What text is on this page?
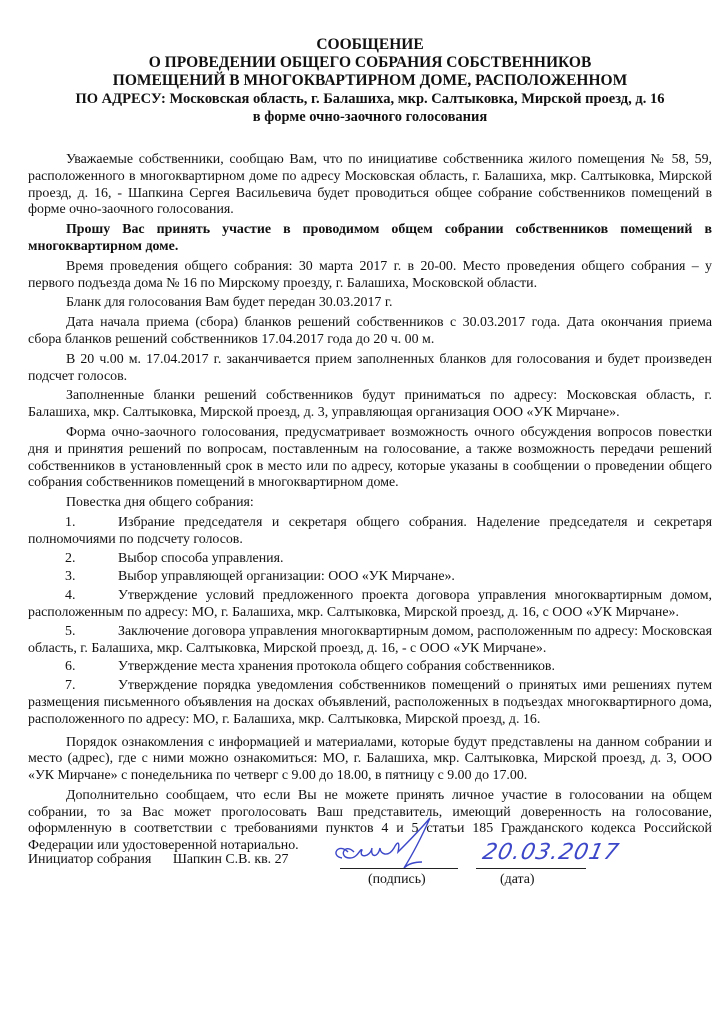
СООБЩЕНИЕ
О ПРОВЕДЕНИИ ОБЩЕГО СОБРАНИЯ СОБСТВЕННИКОВ
ПОМЕЩЕНИЙ В МНОГОКВАРТИРНОМ ДОМЕ, РАСПОЛОЖЕННОМ
ПО АДРЕСУ: Московская область, г. Балашиха, мкр. Салтыковка, Мирской проезд, д. 16
в форме очно-заочного голосования

Уважаемые собственники, сообщаю Вам, что по инициативе собственника жилого помещения № 58, 59, расположенного в многоквартирном доме по адресу Московская область, г. Балашиха, мкр. Салтыковка, Мирской проезд, д. 16, - Шапкина Сергея Васильевича будет проводиться общее собрание собственников помещений в форме очно-заочного голосования.

Прошу Вас принять участие в проводимом общем собрании собственников помещений в многоквартирном доме.

Время проведения общего собрания: 30 марта 2017 г. в 20-00. Место проведения общего собрания – у первого подъезда дома № 16 по Мирскому проезду, г. Балашиха, Московской области.

Бланк для голосования Вам будет передан 30.03.2017 г.

Дата начала приема (сбора) бланков решений собственников с 30.03.2017 года. Дата окончания приема сбора бланков решений собственников 17.04.2017 года до 20 ч. 00 м.

В 20 ч.00 м. 17.04.2017 г. заканчивается прием заполненных бланков для голосования и будет произведен подсчет голосов.

Заполненные бланки решений собственников будут приниматься по адресу: Московская область, г. Балашиха, мкр. Салтыковка, Мирской проезд, д. 3, управляющая организация ООО «УК Мирчане».

Форма очно-заочного голосования, предусматривает возможность очного обсуждения вопросов повестки дня и принятия решений по вопросам, поставленным на голосование, а также возможность передачи решений собственников в установленный срок в место или по адресу, которые указаны в сообщении о проведении общего собрания собственников помещений в многоквартирном доме.

Повестка дня общего собрания:

1.	Избрание председателя и секретаря общего собрания. Наделение председателя и секретаря полномочиями по подсчету голосов.
2.	Выбор способа управления.
3.	Выбор управляющей организации: ООО «УК Мирчане».
4.	Утверждение условий предложенного проекта договора управления многоквартирным домом, расположенным по адресу: МО, г. Балашиха, мкр. Салтыковка, Мирской проезд, д. 16, с ООО «УК Мирчане».
5.	Заключение договора управления многоквартирным домом, расположенным по адресу: Московская область, г. Балашиха, мкр. Салтыковка, Мирской проезд, д. 16, - с ООО «УК Мирчане».
6.	Утверждение места хранения протокола общего собрания собственников.
7.	Утверждение порядка уведомления собственников помещений о принятых ими решениях путем размещения письменного объявления на досках объявлений, расположенных в подъездах многоквартирного дома, расположенного по адресу: МО, г. Балашиха, мкр. Салтыковка, Мирской проезд, д. 16.

Порядок ознакомления с информацией и материалами, которые будут представлены на данном собрании и место (адрес), где с ними можно ознакомиться: МО, г. Балашиха, мкр. Салтыковка, Мирской проезд, д. 3, ООО «УК Мирчане» с понедельника по четверг с 9.00 до 18.00, в пятницу с 9.00 до 17.00.

Дополнительно сообщаем, что если Вы не можете принять личное участие в голосовании на общем собрании, то за Вас может проголосовать Ваш представитель, имеющий доверенность на голосование, оформленную в соответствии с требованиями пунктов 4 и 5 статьи 185 Гражданского кодекса Российской Федерации или удостоверенной нотариально.

Инициатор собрания Шапкин С.В. кв. 27	20.03.2017
(подпись)	(дата)
